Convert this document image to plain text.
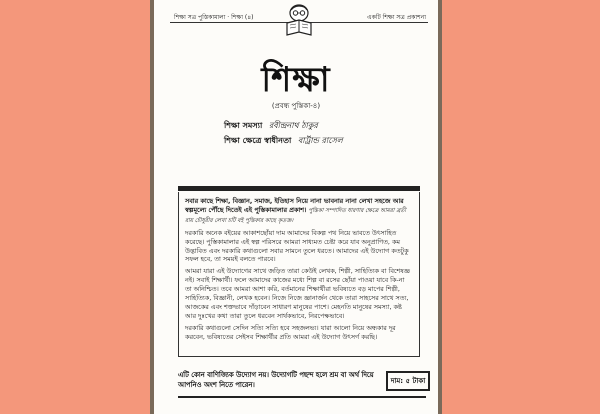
শিক্ষা সত্র পুস্তিকামালা · শিক্ষা (৪)	একটি শিক্ষা সত্র প্রকাশনা
শিক্ষা
(প্রবন্ধ পুস্তিকা-৪)
শিক্ষা সমস্যা রবীন্দ্রনাথ ঠাকুর
শিক্ষা ক্ষেত্রে স্বাধীনতা বার্ট্রান্ড রাসেল

সবার কাছে শিক্ষা, বিজ্ঞান, সমাজ, ইতিহাস নিয়ে নানা ভাবনার নানা লেখা সহজে আর স্বল্পমূল্যে পৌঁছে দিতেই এই পুস্তিকামালার প্রকাশ। পুস্তিকা সম্পাদিত ধারণার ক্ষেত্রে আমরা ব্রতী রায় চৌধুরীর লেখা চটি বই পুস্তিকার কাছে কৃতজ্ঞ।

দরকারি অনেক বইয়ের আকাশছোঁয়া দাম আমাদের বিকল্প পথ নিয়ে ভাবতে উৎসাহিত করেছে। পুস্তিকামালার এই স্বল্প পরিসরে আমরা সাধ্যমত চেষ্টা করে যাব অনুপ্রাণিত, কম উদ্ভাবিত এবং দরকারি কথাগুলো সবার সামনে তুলে ধরতে। আমাদের এই উদ্যোগ কতটুকু সফল হবে, তা সময়ই বলতে পারবে।

আমরা যারা এই উদ্যোগের সাথে জড়িত তারা কেউই লেখক, শিল্পী, সাহিত্যিক বা বিশেষজ্ঞ নই। সবাই শিক্ষার্থী। ফলে আমাদের কাজের মধ্যে শিল্প বা রসের ছোঁয়া পাওয়া যাবে কি-না তা অনিশ্চিত। তবে আমরা আশা করি, বর্তমানের শিক্ষার্থীরা ভবিষ্যতে বড় মাপের শিল্পী, সাহিত্যিক, বিজ্ঞানী, লেখক হবেন। নিজে নিজে জ্ঞানার্জন থেকে তারা সাহসের সাথে সত্য, আজকের এবং শক্তভাবে দাঁড়াবেন সাধারণ মানুষের পাশে। মেহনতি মানুষের সমস্যা, কষ্ট আর দুঃখের কথা তারা তুলে ধরবেন সার্থকভাবে, নিরপেক্ষভাবে।

দরকারি কথাগুলো সেদিন সত্যি সত্যি হবে সহজলভ্য। যারা আলো নিয়ে অন্ধকার দূর করবেন, ভবিষ্যতের সেইসব শিক্ষার্থীর প্রতি আমরা এই উদ্যোগ উৎসর্গ করছি।

এটি কোন বাণিজ্যিক উদ্যোগ নয়। উদ্যোগটি পছন্দ হলে শ্রম বা অর্থ দিয়ে আপনিও অংশ নিতে পারেন।	দাম: ৫ টাকা
